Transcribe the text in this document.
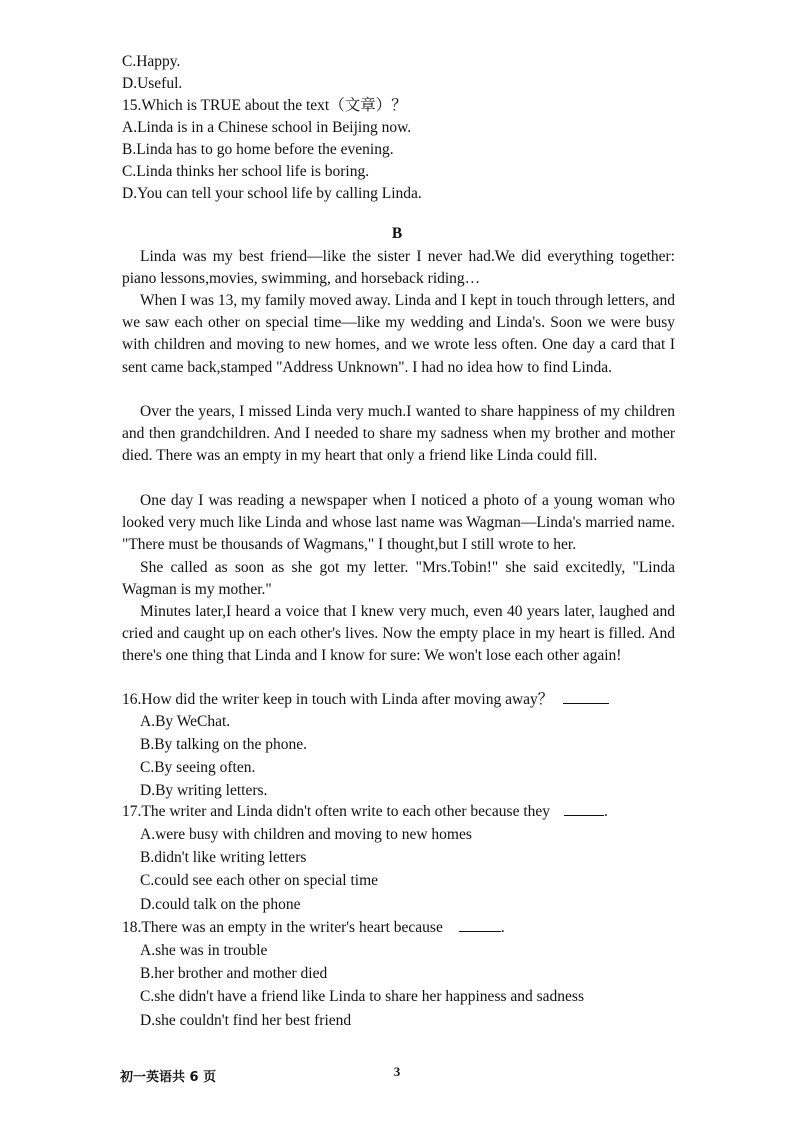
C.Happy.
D.Useful.
15.Which is TRUE about the text（文章）？
A.Linda is in a Chinese school in Beijing now.
B.Linda has to go home before the evening.
C.Linda thinks her school life is boring.
D.You can tell your school life by calling Linda.
B
Linda was my best friend—like the sister I never had.We did everything together: piano lessons,movies, swimming, and horseback riding…
When I was 13, my family moved away. Linda and I kept in touch through letters, and we saw each other on special time—like my wedding and Linda's. Soon we were busy with children and moving to new homes, and we wrote less often. One day a card that I sent came back,stamped "Address Unknown". I had no idea how to find Linda.
Over the years, I missed Linda very much.I wanted to share happiness of my children and then grandchildren. And I needed to share my sadness when my brother and mother died. There was an empty in my heart that only a friend like Linda could fill.
One day I was reading a newspaper when I noticed a photo of a young woman who looked very much like Linda and whose last name was Wagman—Linda's married name. "There must be thousands of Wagmans," I thought,but I still wrote to her.
She called as soon as she got my letter. "Mrs.Tobin!" she said excitedly, "Linda Wagman is my mother."
Minutes later,I heard a voice that I knew very much, even 40 years later, laughed and cried and caught up on each other's lives. Now the empty place in my heart is filled. And there's one thing that Linda and I know for sure: We won't lose each other again!
16.How did the writer keep in touch with Linda after moving away？
A.By WeChat.
B.By talking on the phone.
C.By seeing often.
D.By writing letters.
17.The writer and Linda didn't often write to each other because they	.
A.were busy with children and moving to new homes
B.didn't like writing letters
C.could see each other on special time
D.could talk on the phone
18.There was an empty in the writer's heart because	.
A.she was in trouble
B.her brother and mother died
C.she didn't have a friend like Linda to share her happiness and sadness
D.she couldn't find her best friend
初一英语共 6 页	3
